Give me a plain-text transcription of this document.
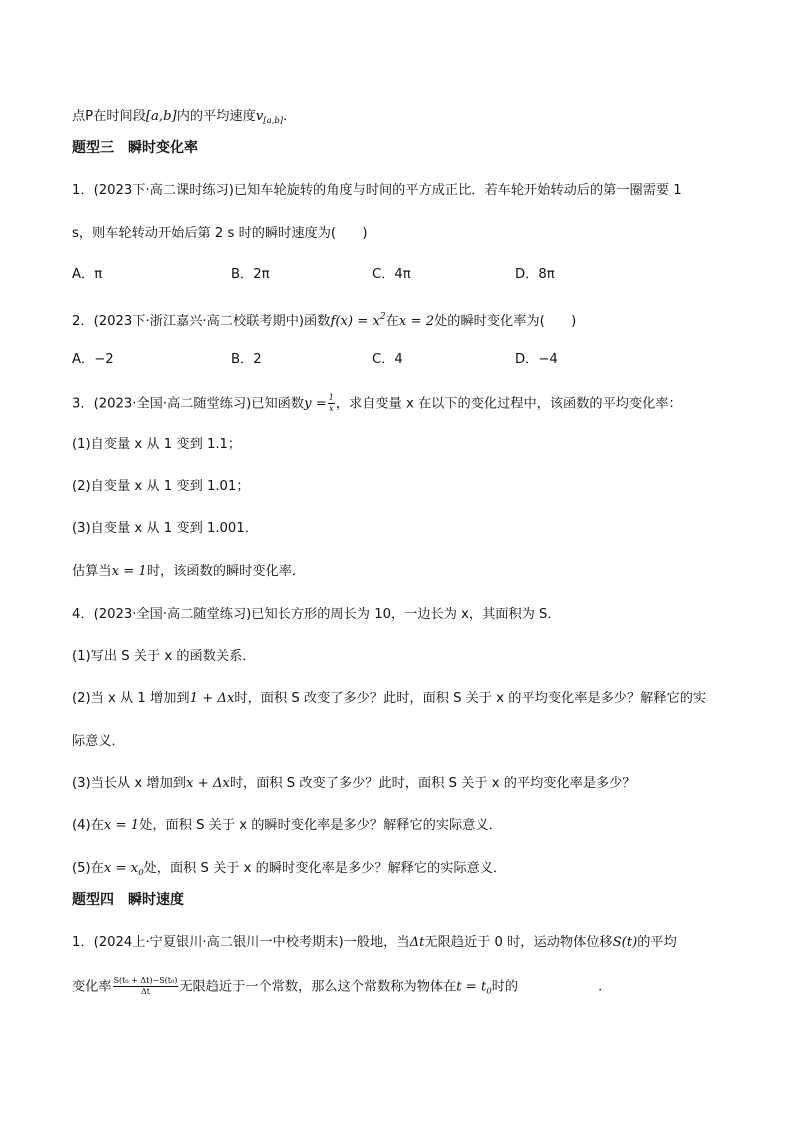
点P在时间段[a,b]内的平均速度$v_{[a,b]}$.
题型三　瞬时变化率
1．(2023下·高二课时练习)已知车轮旋转的角度与时间的平方成正比．若车轮开始转动后的第一圈需要 1
s，则车轮转动开始后第 2 s 时的瞬时速度为(　　)
A．π	B．2π	C．4π	D．8π
2．(2023下·浙江嘉兴·高二校联考期中)函数$f(x) = x^2$在x = 2处的瞬时变化率为(　　)
A．−2	B．2	C．4	D．−4
3．(2023·全国·高二随堂练习)已知函数$y = \frac{1}{x}$ ，求自变量 x 在以下的变化过程中，该函数的平均变化率：
(1)自变量 x 从 1 变到 1.1；
(2)自变量 x 从 1 变到 1.01；
(3)自变量 x 从 1 变到 1.001．
估算当x = 1时，该函数的瞬时变化率．
4．(2023·全国·高二随堂练习)已知长方形的周长为 10，一边长为 x，其面积为 S．
(1)写出 S 关于 x 的函数关系．
(2)当 x 从 1 增加到1 + Δx时，面积 S 改变了多少？此时，面积 S 关于 x 的平均变化率是多少？解释它的实
际意义．
(3)当长从 x 增加到x + Δx时，面积 S 改变了多少？此时，面积 S 关于 x 的平均变化率是多少？
(4)在x = 1处，面积 S 关于 x 的瞬时变化率是多少？解释它的实际意义．
(5)在$x = x_0$处，面积 S 关于 x 的瞬时变化率是多少？解释它的实际意义．
题型四　瞬时速度
1．(2024上·宁夏银川·高二银川一中校考期末)一般地，当Δt无限趋近于 0 时，运动物体位移S(t)的平均
变化率 $\frac{\text{S(t₀ + Δt)−S(t₀)}}{\Delta t}$ 无限趋近于一个常数，那么这个常数称为物体在$t = t_0$时的	.
